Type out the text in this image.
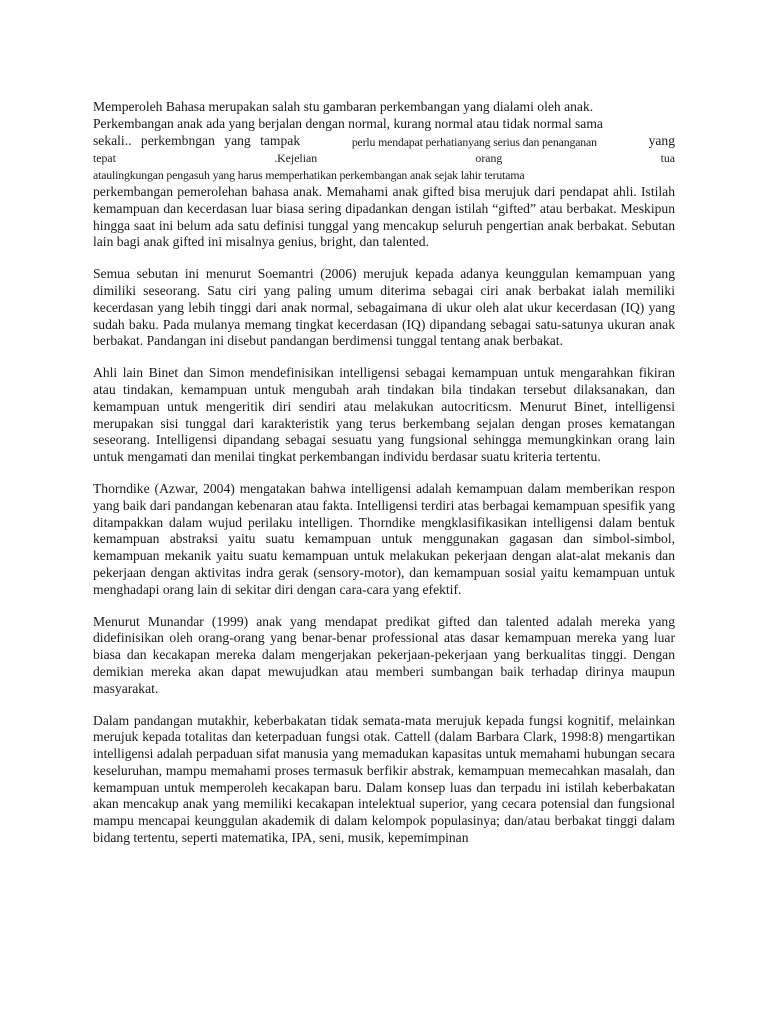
Memperoleh Bahasa merupakan salah stu gambaran perkembangan yang dialami oleh anak.
Perkembangan anak ada yang berjalan dengan normal, kurang normal atau tidak normal sama
sekali.. perkembngan yang tampak	perlu mendapat perhatianyang serius dan penanganan	yang
tepat	.Kejelian	orang	tua
ataulingkungan pengasuh yang harus memperhatikan perkembangan anak sejak lahir terutama
perkembangan pemerolehan bahasa anak. Memahami anak gifted bisa merujuk dari pendapat ahli. Istilah kemampuan dan kecerdasan luar biasa sering dipadankan dengan istilah “gifted” atau berbakat. Meskipun hingga saat ini belum ada satu definisi tunggal yang mencakup seluruh pengertian anak berbakat. Sebutan lain bagi anak gifted ini misalnya genius, bright, dan talented.

Semua sebutan ini menurut Soemantri (2006) merujuk kepada adanya keunggulan kemampuan yang dimiliki seseorang. Satu ciri yang paling umum diterima sebagai ciri anak berbakat ialah memiliki kecerdasan yang lebih tinggi dari anak normal, sebagaimana di ukur oleh alat ukur kecerdasan (IQ) yang sudah baku. Pada mulanya memang tingkat kecerdasan (IQ) dipandang sebagai satu-satunya ukuran anak berbakat. Pandangan ini disebut pandangan berdimensi tunggal tentang anak berbakat.

Ahli lain Binet dan Simon mendefinisikan intelligensi sebagai kemampuan untuk mengarahkan fikiran atau tindakan, kemampuan untuk mengubah arah tindakan bila tindakan tersebut dilaksanakan, dan kemampuan untuk mengeritik diri sendiri atau melakukan autocriticsm. Menurut Binet, intelligensi merupakan sisi tunggal dari karakteristik yang terus berkembang sejalan dengan proses kematangan seseorang. Intelligensi dipandang sebagai sesuatu yang fungsional sehingga memungkinkan orang lain untuk mengamati dan menilai tingkat perkembangan individu berdasar suatu kriteria tertentu.

Thorndike (Azwar, 2004) mengatakan bahwa intelligensi adalah kemampuan dalam memberikan respon yang baik dari pandangan kebenaran atau fakta. Intelligensi terdiri atas berbagai kemampuan spesifik yang ditampakkan dalam wujud perilaku intelligen. Thorndike mengklasifikasikan intelligensi dalam bentuk kemampuan abstraksi yaitu suatu kemampuan untuk menggunakan gagasan dan simbol-simbol, kemampuan mekanik yaitu suatu kemampuan untuk melakukan pekerjaan dengan alat-alat mekanis dan pekerjaan dengan aktivitas indra gerak (sensory-motor), dan kemampuan sosial yaitu kemampuan untuk menghadapi orang lain di sekitar diri dengan cara-cara yang efektif.

Menurut Munandar (1999) anak yang mendapat predikat gifted dan talented adalah mereka yang didefinisikan oleh orang-orang yang benar-benar professional atas dasar kemampuan mereka yang luar biasa dan kecakapan mereka dalam mengerjakan pekerjaan-pekerjaan yang berkualitas tinggi. Dengan demikian mereka akan dapat mewujudkan atau memberi sumbangan baik terhadap dirinya maupun masyarakat.

Dalam pandangan mutakhir, keberbakatan tidak semata-mata merujuk kepada fungsi kognitif, melainkan merujuk kepada totalitas dan keterpaduan fungsi otak. Cattell (dalam Barbara Clark, 1998:8) mengartikan intelligensi adalah perpaduan sifat manusia yang memadukan kapasitas untuk memahami hubungan secara keseluruhan, mampu memahami proses termasuk berfikir abstrak, kemampuan memecahkan masalah, dan kemampuan untuk memperoleh kecakapan baru. Dalam konsep luas dan terpadu ini istilah keberbakatan akan mencakup anak yang memiliki kecakapan intelektual superior, yang cecara potensial dan fungsional mampu mencapai keunggulan akademik di dalam kelompok populasinya; dan/atau berbakat tinggi dalam bidang tertentu, seperti matematika, IPA, seni, musik, kepemimpinan
